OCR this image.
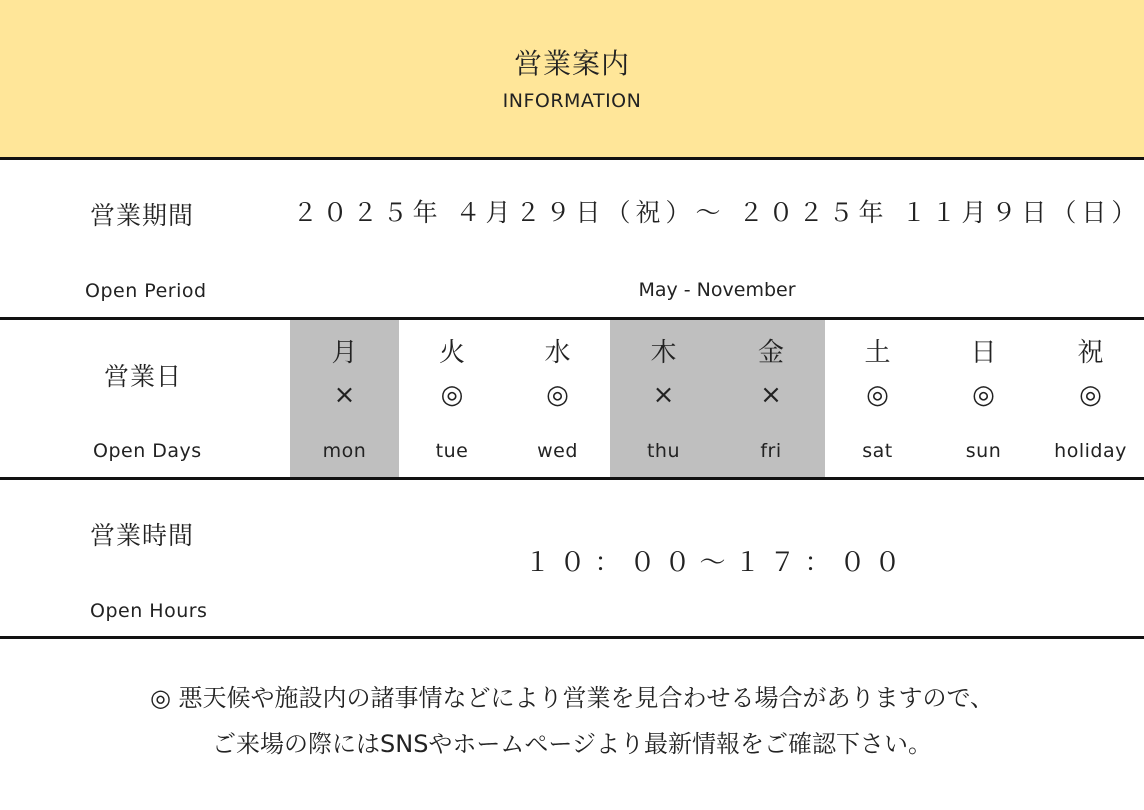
営業案内
INFORMATION
営業期間
Open Period
２０２５年 ４月２９日（祝）～ ２０２５年 １１月９日（日）
May - November
営業日
Open Days
月
×
mon
火
◎
tue
水
◎
wed
木
×
thu
金
×
fri
土
◎
sat
日
◎
sun
祝
◎
holiday
営業時間
Open Hours
１０：００～１７：００
◎ 悪天候や施設内の諸事情などにより営業を見合わせる場合がありますので、
ご来場の際にはSNSやホームページより最新情報をご確認下さい。
